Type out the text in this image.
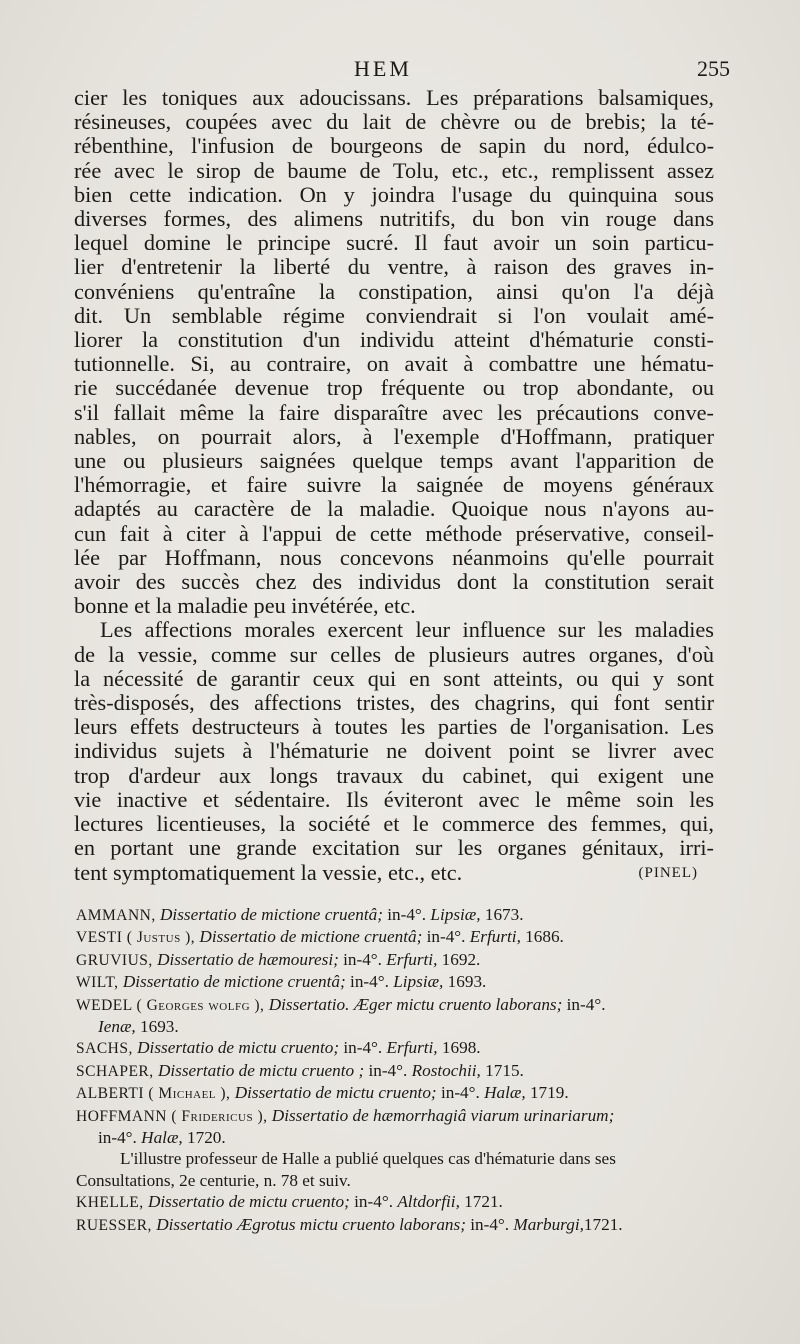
HEM	255

cier les toniques aux adoucissans. Les préparations balsamiques,

résineuses, coupées avec du lait de chèvre ou de brebis; la té-

rébenthine, l'infusion de bourgeons de sapin du nord, édulco-

rée avec le sirop de baume de Tolu, etc., etc., remplissent assez

bien cette indication. On y joindra l'usage du quinquina sous

diverses formes, des alimens nutritifs, du bon vin rouge dans

lequel domine le principe sucré. Il faut avoir un soin particu-

lier d'entretenir la liberté du ventre, à raison des graves in-

convéniens qu'entraîne la constipation, ainsi qu'on l'a déjà

dit. Un semblable régime conviendrait si l'on voulait amé-

liorer la constitution d'un individu atteint d'hématurie consti-

tutionnelle. Si, au contraire, on avait à combattre une hématu-

rie succédanée devenue trop fréquente ou trop abondante, ou

s'il fallait même la faire disparaître avec les précautions conve-

nables, on pourrait alors, à l'exemple d'Hoffmann, pratiquer

une ou plusieurs saignées quelque temps avant l'apparition de

l'hémorragie, et faire suivre la saignée de moyens généraux

adaptés au caractère de la maladie. Quoique nous n'ayons au-

cun fait à citer à l'appui de cette méthode préservative, conseil-

lée par Hoffmann, nous concevons néanmoins qu'elle pourrait

avoir des succès chez des individus dont la constitution serait

bonne et la maladie peu invétérée, etc.

Les affections morales exercent leur influence sur les maladies

de la vessie, comme sur celles de plusieurs autres organes, d'où

la nécessité de garantir ceux qui en sont atteints, ou qui y sont

très-disposés, des affections tristes, des chagrins, qui font sentir

leurs effets destructeurs à toutes les parties de l'organisation. Les

individus sujets à l'hématurie ne doivent point se livrer avec

trop d'ardeur aux longs travaux du cabinet, qui exigent une

vie inactive et sédentaire. Ils éviteront avec le même soin les

lectures licentieuses, la société et le commerce des femmes, qui,

en portant une grande excitation sur les organes génitaux, irri-

tent symptomatiquement la vessie, etc., etc.	(PINEL)

AMMANN, Dissertatio de mictione cruentâ; in-4°. Lipsiæ, 1673.

VESTI ( Justus ), Dissertatio de mictione cruentâ; in-4°. Erfurti, 1686.

GRUVIUS, Dissertatio de hæmouresi; in-4°. Erfurti, 1692.

WILT, Dissertatio de mictione cruentâ; in-4°. Lipsiæ, 1693.

WEDEL ( Georges wolfg ), Dissertatio. Æger mictu cruento laborans; in-4°.
Ienæ, 1693.

SACHS, Dissertatio de mictu cruento; in-4°. Erfurti, 1698.

SCHAPER, Dissertatio de mictu cruento ; in-4°. Rostochii, 1715.

ALBERTI ( Michael ), Dissertatio de mictu cruento; in-4°. Halæ, 1719.

HOFFMANN ( Fridericus ), Dissertatio de hæmorrhagiâ viarum urinariarum;
in-4°. Halæ, 1720.

L'illustre professeur de Halle a publié quelques cas d'hématurie dans ses

Consultations, 2e centurie, n. 78 et suiv.

KHELLE, Dissertatio de mictu cruento; in-4°. Altdorfii, 1721.

RUESSER, Dissertatio Ægrotus mictu cruento laborans; in-4°. Marburgi,1721.
